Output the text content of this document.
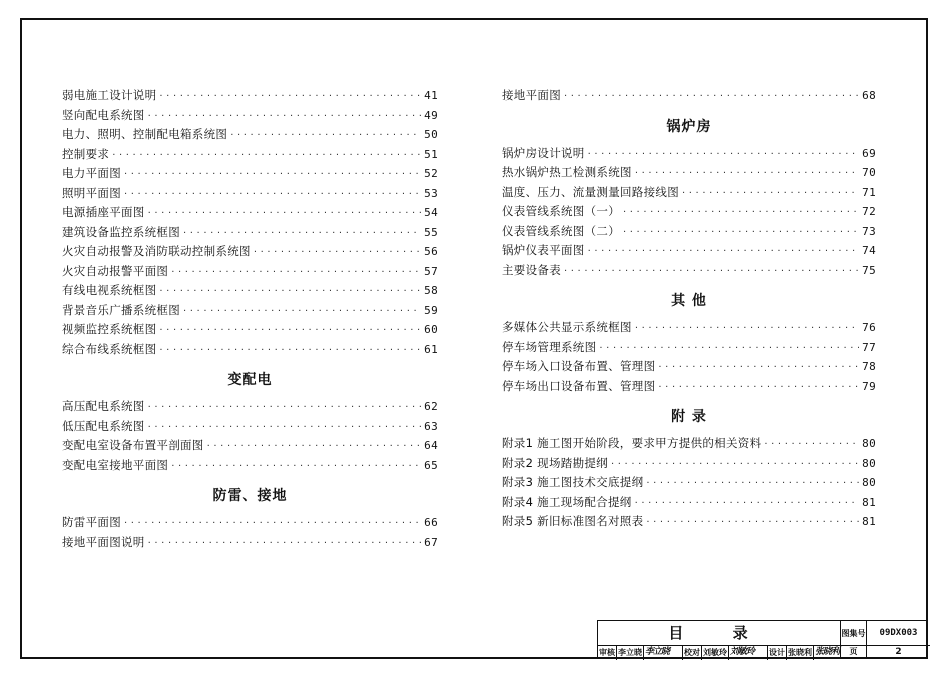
弱电施工设计说明 ·····	41
竖向配电系统图 ·····	49
电力、照明、控制配电箱系统图 ·····	50
控制要求 ·····	51
电力平面图 ·····	52
照明平面图 ·····	53
电源插座平面图 ·····	54
建筑设备监控系统框图 ·····	55
火灾自动报警及消防联动控制系统图 ·····	56
火灾自动报警平面图 ·····	57
有线电视系统框图 ·····	58
背景音乐广播系统框图 ·····	59
视频监控系统框图 ·····	60
综合布线系统框图 ·····	61
变配电
高压配电系统图 ·····	62
低压配电系统图 ·····	63
变配电室设备布置平剖面图 ·····	64
变配电室接地平面图 ·····	65
防雷、接地
防雷平面图 ·····	66
接地平面图说明 ·····	67
接地平面图 ·····	68
锅炉房
锅炉房设计说明 ·····	69
热水锅炉热工检测系统图 ·····	70
温度、压力、流量测量回路接线图 ·····	71
仪表管线系统图（一） ·····	72
仪表管线系统图（二） ·····	73
锅炉仪表平面图 ·····	74
主要设备表 ·····	75
其 他
多媒体公共显示系统框图 ·····	76
停车场管理系统图 ·····	77
停车场入口设备布置、管理图 ·····	78
停车场出口设备布置、管理图 ·····	79
附 录
附录1 施工图开始阶段，要求甲方提供的相关资料 ·····	80
附录2 现场踏勘提纲 ·····	80
附录3 施工图技术交底提纲 ·····	80
附录4 施工现场配合提纲 ·····	81
附录5 新旧标准图名对照表 ·····	81
目 录
审核 李立晓 李立晓	校对 刘敏玲 刘敏玲	设计 张晓利 张晓利
图集号	09DX003
页	2
